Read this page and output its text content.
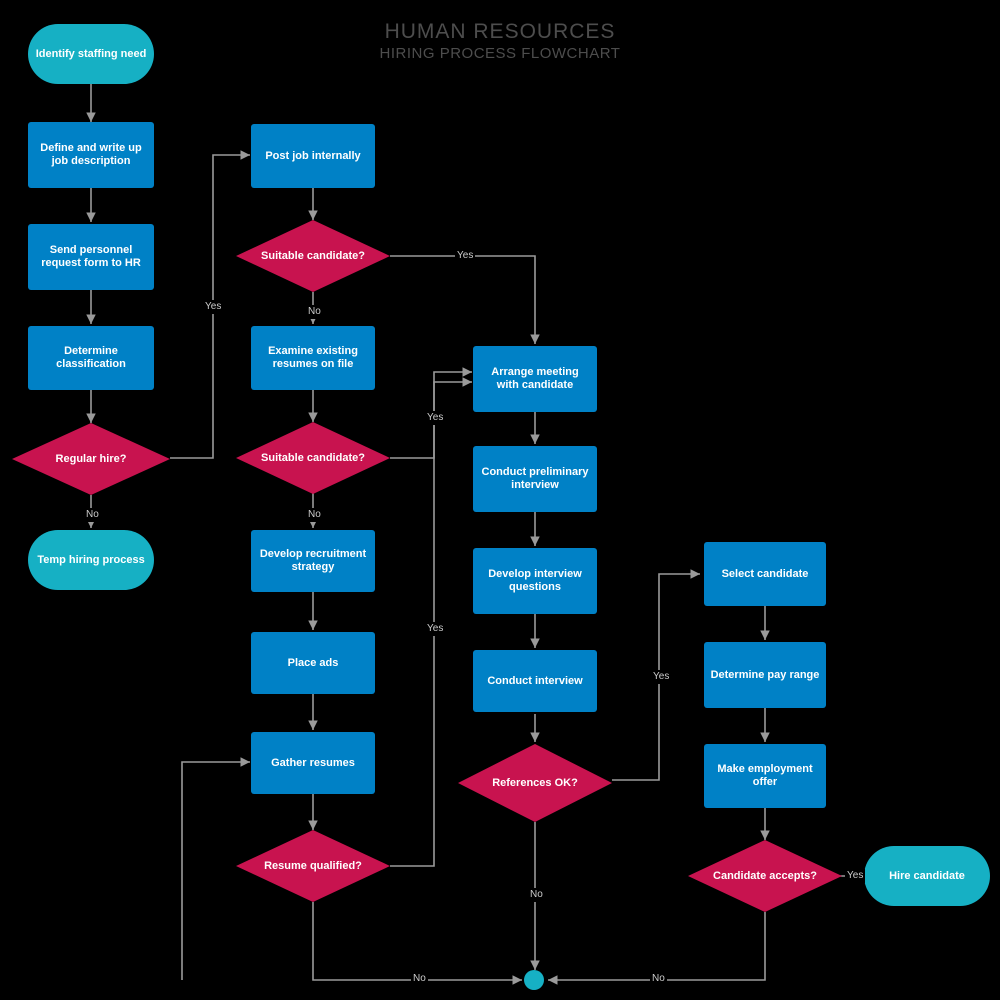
HUMAN RESOURCES
HIRING PROCESS FLOWCHART
Identify staffing need
Define and write up job description
Send personnel request form to HR
Determine classification
Regular hire?
Temp hiring process
Post job internally
Suitable candidate?
Examine existing resumes on file
Suitable candidate?
Develop recruitment strategy
Place ads
Gather resumes
Resume qualified?
Arrange meeting with candidate
Conduct preliminary interview
Develop interview questions
Conduct interview
References OK?
Select candidate
Determine pay range
Make employment offer
Candidate accepts?	Hire candidate
Yes
No
Yes
No
Yes
No
Yes
No
Yes
No
Yes
No
